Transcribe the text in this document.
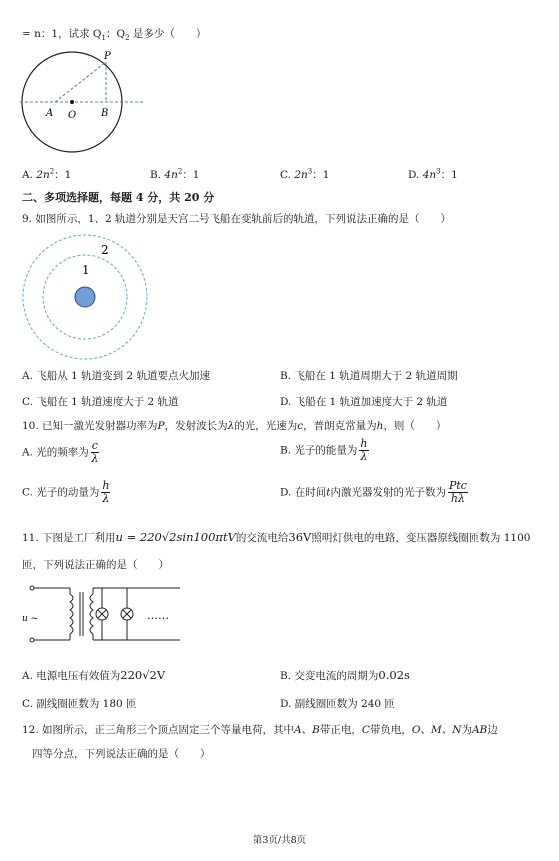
= n：1，试求 $Q_1$：$Q_2$ 是多少（　　）
P
A O B
A. $2n^2$：1	B. $4n^2$：1	C. $2n^3$：1	D. $4n^3$：1
二、多项选择题，每题 4 分，共 20 分
9. 如图所示，1、2 轨道分别是天宫二号飞船在变轨前后的轨道，下列说法正确的是（　　）
1
2
A. 飞船从 1 轨道变到 2 轨道要点火加速	B. 飞船在 1 轨道周期大于 2 轨道周期
C. 飞船在 1 轨道速度大于 2 轨道	D. 飞船在 1 轨道加速度大于 2 轨道
10. 已知一激光发射器功率为P，发射波长为λ的光，光速为c，普朗克常量为h，则（　　）
A. 光的频率为 $\frac{c}{\lambda}$	B. 光子的能量为 $\frac{h}{\lambda}$
C. 光子的动量为 $\frac{h}{\lambda}$	D. 在时间t内激光器发射的光子数为 $\frac{\text{Ptc}}{h\lambda}$
11. 下图是工厂利用u = 220√2sin100πtV的交流电给36V照明灯供电的电路，变压器原线圈匝数为 1100
匝，下列说法正确的是（　　）
u ~	……
A. 电源电压有效值为220√2V	B. 交变电流的周期为0.02s
C. 副线圈匝数为 180 匝	D. 副线圈匝数为 240 匝
12. 如图所示，正三角形三个顶点固定三个等量电荷，其中A、B带正电，C带负电，O、M、N为AB边
四等分点，下列说法正确的是（　　）
第3页/共8页
